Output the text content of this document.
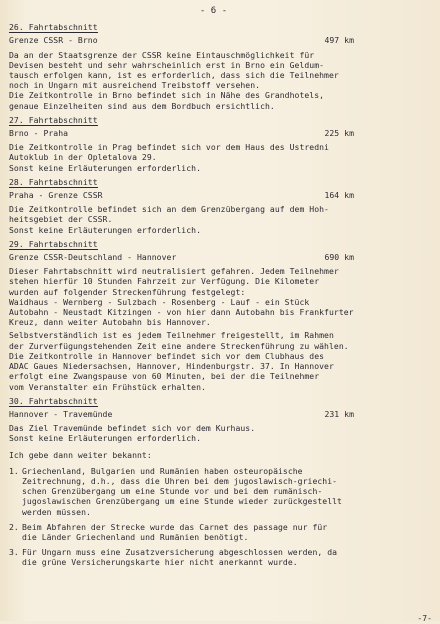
- 6 -
26. Fahrtabschnitt
Grenze CSSR - Brno	497 km
Da an der Staatsgrenze der CSSR keine Eintauschmöglichkeit für
Devisen besteht und sehr wahrscheinlich erst in Brno ein Geldum-
tausch erfolgen kann, ist es erforderlich, dass sich die Teilnehmer
noch in Ungarn mit ausreichend Treibstoff versehen.
Die Zeitkontrolle in Brno befindet sich in Nähe des Grandhotels,
genaue Einzelheiten sind aus dem Bordbuch ersichtlich.
27. Fahrtabschnitt
Brno - Praha	225 km
Die Zeitkontrolle in Prag befindet sich vor dem Haus des Ustredni
Autoklub in der Opletalova 29.
Sonst keine Erläuterungen erforderlich.
28. Fahrtabschnitt
Praha - Grenze CSSR	164 km
Die Zeitkontrolle befindet sich an dem Grenzübergang auf dem Hoh-
heitsgebiet der CSSR.
Sonst keine Erläuterungen erforderlich.
29. Fahrtabschnitt
Grenze CSSR-Deutschland - Hannover	690 km
Dieser Fahrtabschnitt wird neutralisiert gefahren. Jedem Teilnehmer
stehen hierfür 10 Stunden Fahrzeit zur Verfügung. Die Kilometer
wurden auf folgender Streckenführung festgelegt:
Waidhaus - Wernberg - Sulzbach - Rosenberg - Lauf - ein Stück
Autobahn - Neustadt Kitzingen - von hier dann Autobahn bis Frankfurter
Kreuz, dann weiter Autobahn bis Hannover.
Selbstverständlich ist es jedem Teilnehmer freigestellt, im Rahmen
der Zurverfügungstehenden Zeit eine andere Streckenführung zu wählen.
Die Zeitkontrolle in Hannover befindet sich vor dem Clubhaus des
ADAC Gaues Niedersachsen, Hannover, Hindenburgstr. 37. In Hannover
erfolgt eine Zwangspause von 60 Minuten, bei der die Teilnehmer
vom Veranstalter ein Frühstück erhalten.
30. Fahrtabschnitt
Hannover - Travemünde	231 km
Das Ziel Travemünde befindet sich vor dem Kurhaus.
Sonst keine Erläuterungen erforderlich.
Ich gebe dann weiter bekannt:
1. Griechenland, Bulgarien und Rumänien haben osteuropäische
Zeitrechnung, d.h., dass die Uhren bei dem jugoslawisch-griechi-
schen Grenzübergang um eine Stunde vor und bei dem rumänisch-
jugoslawischen Grenzübergang um eine Stunde wieder zurückgestellt
werden müssen.
2. Beim Abfahren der Strecke wurde das Carnet des passage nur für
die Länder Griechenland und Rumänien benötigt.
3. Für Ungarn muss eine Zusatzversicherung abgeschlossen werden, da
die grüne Versicherungskarte hier nicht anerkannt wurde.
-7-
